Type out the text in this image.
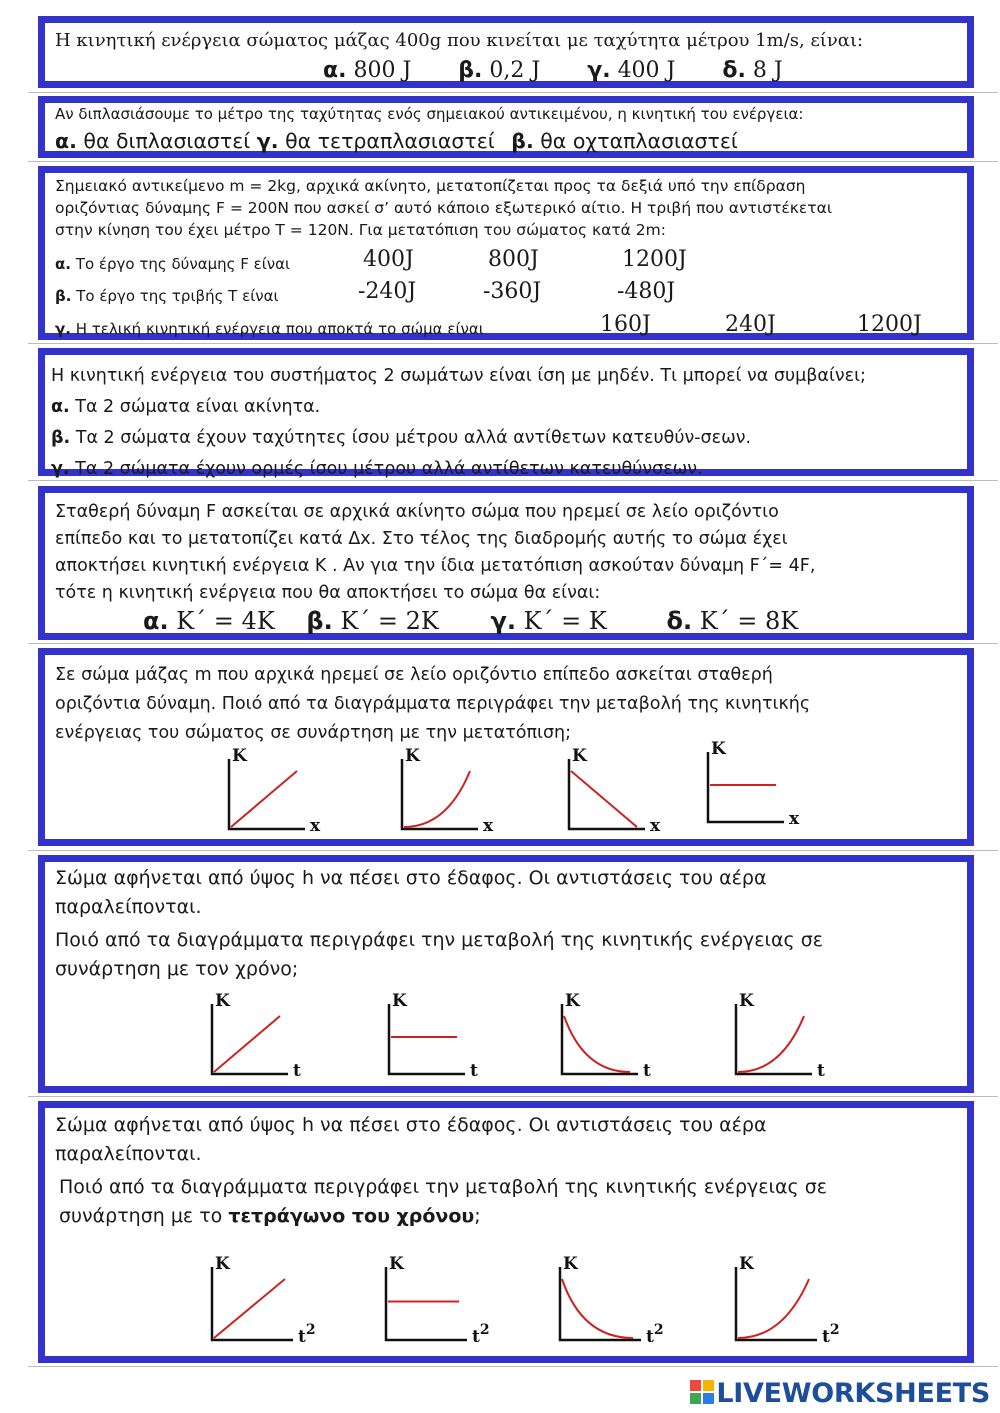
Η κινητική ενέργεια σώματος μάζας 400g που κινείται με ταχύτητα μέτρου 1m/s, είναι:
α. 800 J β. 0,2 J γ. 400 J δ. 8 J
Αν διπλασιάσουμε το μέτρο της ταχύτητας ενός σημειακού αντικειμένου, η κινητική του ενέργεια:
α. θα διπλασιαστεί γ. θα τετραπλασιαστεί β. θα οχταπλασιαστεί
Σημειακό αντικείμενο m = 2kg, αρχικά ακίνητο, μετατοπίζεται προς τα δεξιά υπό την επίδραση
οριζόντιας δύναμης F = 200N που ασκεί σ’ αυτό κάποιο εξωτερικό αίτιο. Η τριβή που αντιστέκεται
στην κίνηση του έχει μέτρο T = 120N. Για μετατόπιση του σώματος κατά 2m:
α. Το έργο της δύναμης F είναι	400J	800J	1200J
β. Το έργο της τριβής T είναι	-240J	-360J	-480J
γ. Η τελική κινητική ενέργεια που αποκτά το σώμα είναι	160J	240J	1200J
Η κινητική ενέργεια του συστήματος 2 σωμάτων είναι ίση με μηδέν. Τι μπορεί να συμβαίνει;
α. Τα 2 σώματα είναι ακίνητα.
β. Τα 2 σώματα έχουν ταχύτητες ίσου μέτρου αλλά αντίθετων κατευθύν-σεων.
γ. Τα 2 σώματα έχουν ορμές ίσου μέτρου αλλά αντίθετων κατευθύνσεων.
Σταθερή δύναμη F ασκείται σε αρχικά ακίνητο σώμα που ηρεμεί σε λείο οριζόντιο
επίπεδο και το μετατοπίζει κατά Δx. Στο τέλος της διαδρομής αυτής το σώμα έχει
αποκτήσει κινητική ενέργεια K . Αν για την ίδια μετατόπιση ασκούταν δύναμη F΄= 4F,
τότε η κινητική ενέργεια που θα αποκτήσει το σώμα θα είναι:
α. K΄ = 4K β. K΄ = 2K γ. K΄ = K δ. K΄ = 8K
Σε σώμα μάζας m που αρχικά ηρεμεί σε λείο οριζόντιο επίπεδο ασκείται σταθερή
οριζόντια δύναμη. Ποιό από τα διαγράμματα περιγράφει την μεταβολή της κινητικής
ενέργειας του σώματος σε συνάρτηση με την μετατόπιση;
Σώμα αφήνεται από ύψος h να πέσει στο έδαφος. Οι αντιστάσεις του αέρα
παραλείπονται.
Ποιό από τα διαγράμματα περιγράφει την μεταβολή της κινητικής ενέργειας σε
συνάρτηση με τον χρόνο;
Σώμα αφήνεται από ύψος h να πέσει στο έδαφος. Οι αντιστάσεις του αέρα
παραλείπονται.
Ποιό από τα διαγράμματα περιγράφει την μεταβολή της κινητικής ενέργειας σε
συνάρτηση με το τετράγωνο του χρόνου;
K
x
K
x
K
x
K
x
K
t
K
t
K
t
K
t
K
$t^2$
K
$t^2$
K
$t^2$
K
$t^2$
LIVEWORKSHEETS
